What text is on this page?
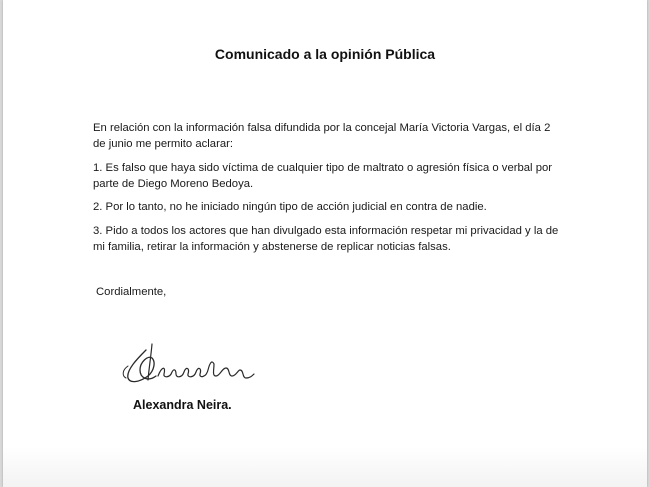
Comunicado a la opinión Pública
En relación con la información falsa difundida por la concejal María Victoria Vargas, el día 2 de junio me permito aclarar:
1. Es falso que haya sido víctima de cualquier tipo de maltrato o agresión física o verbal por parte de Diego Moreno Bedoya.
2. Por lo tanto, no he iniciado ningún tipo de acción judicial en contra de nadie.
3. Pido a todos los actores que han divulgado esta información respetar mi privacidad y la de mi familia, retirar la información y abstenerse de replicar noticias falsas.
Cordialmente,
Alexandra Neira.
